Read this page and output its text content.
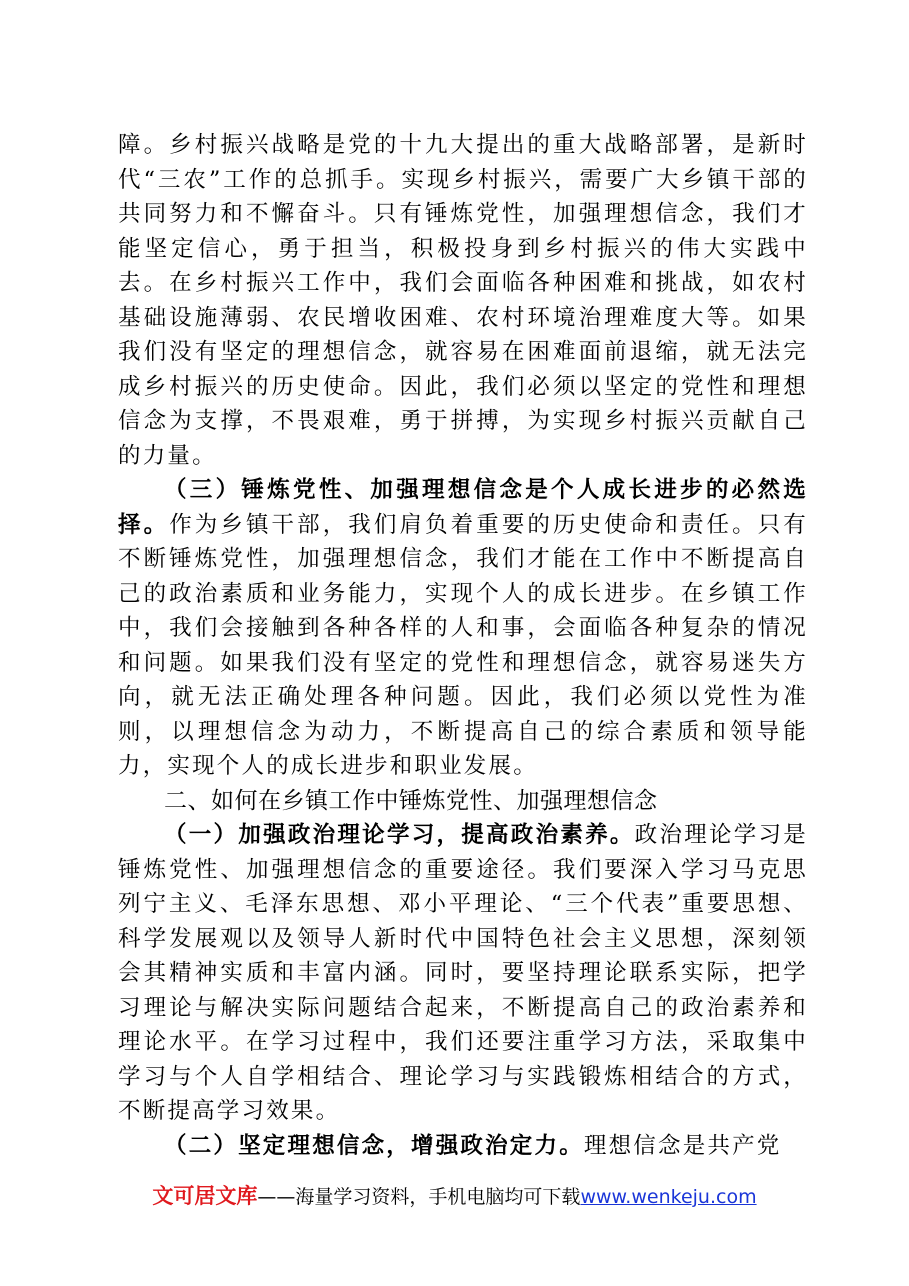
障。乡村振兴战略是党的十九大提出的重大战略部署，是新时代“三农”工作的总抓手。实现乡村振兴，需要广大乡镇干部的共同努力和不懈奋斗。只有锤炼党性，加强理想信念，我们才能坚定信心，勇于担当，积极投身到乡村振兴的伟大实践中去。在乡村振兴工作中，我们会面临各种困难和挑战，如农村基础设施薄弱、农民增收困难、农村环境治理难度大等。如果我们没有坚定的理想信念，就容易在困难面前退缩，就无法完成乡村振兴的历史使命。因此，我们必须以坚定的党性和理想信念为支撑，不畏艰难，勇于拼搏，为实现乡村振兴贡献自己的力量。

（三）锤炼党性、加强理想信念是个人成长进步的必然选择。作为乡镇干部，我们肩负着重要的历史使命和责任。只有不断锤炼党性，加强理想信念，我们才能在工作中不断提高自己的政治素质和业务能力，实现个人的成长进步。在乡镇工作中，我们会接触到各种各样的人和事，会面临各种复杂的情况和问题。如果我们没有坚定的党性和理想信念，就容易迷失方向，就无法正确处理各种问题。因此，我们必须以党性为准则，以理想信念为动力，不断提高自己的综合素质和领导能力，实现个人的成长进步和职业发展。

二、如何在乡镇工作中锤炼党性、加强理想信念

（一）加强政治理论学习，提高政治素养。政治理论学习是锤炼党性、加强理想信念的重要途径。我们要深入学习马克思列宁主义、毛泽东思想、邓小平理论、“三个代表”重要思想、科学发展观以及领导人新时代中国特色社会主义思想，深刻领会其精神实质和丰富内涵。同时，要坚持理论联系实际，把学习理论与解决实际问题结合起来，不断提高自己的政治素养和理论水平。在学习过程中，我们还要注重学习方法，采取集中学习与个人自学相结合、理论学习与实践锻炼相结合的方式，不断提高学习效果。

（二）坚定理想信念，增强政治定力。理想信念是共产党

文可居文库——海量学习资料，手机电脑均可下载www.wenkeju.com
